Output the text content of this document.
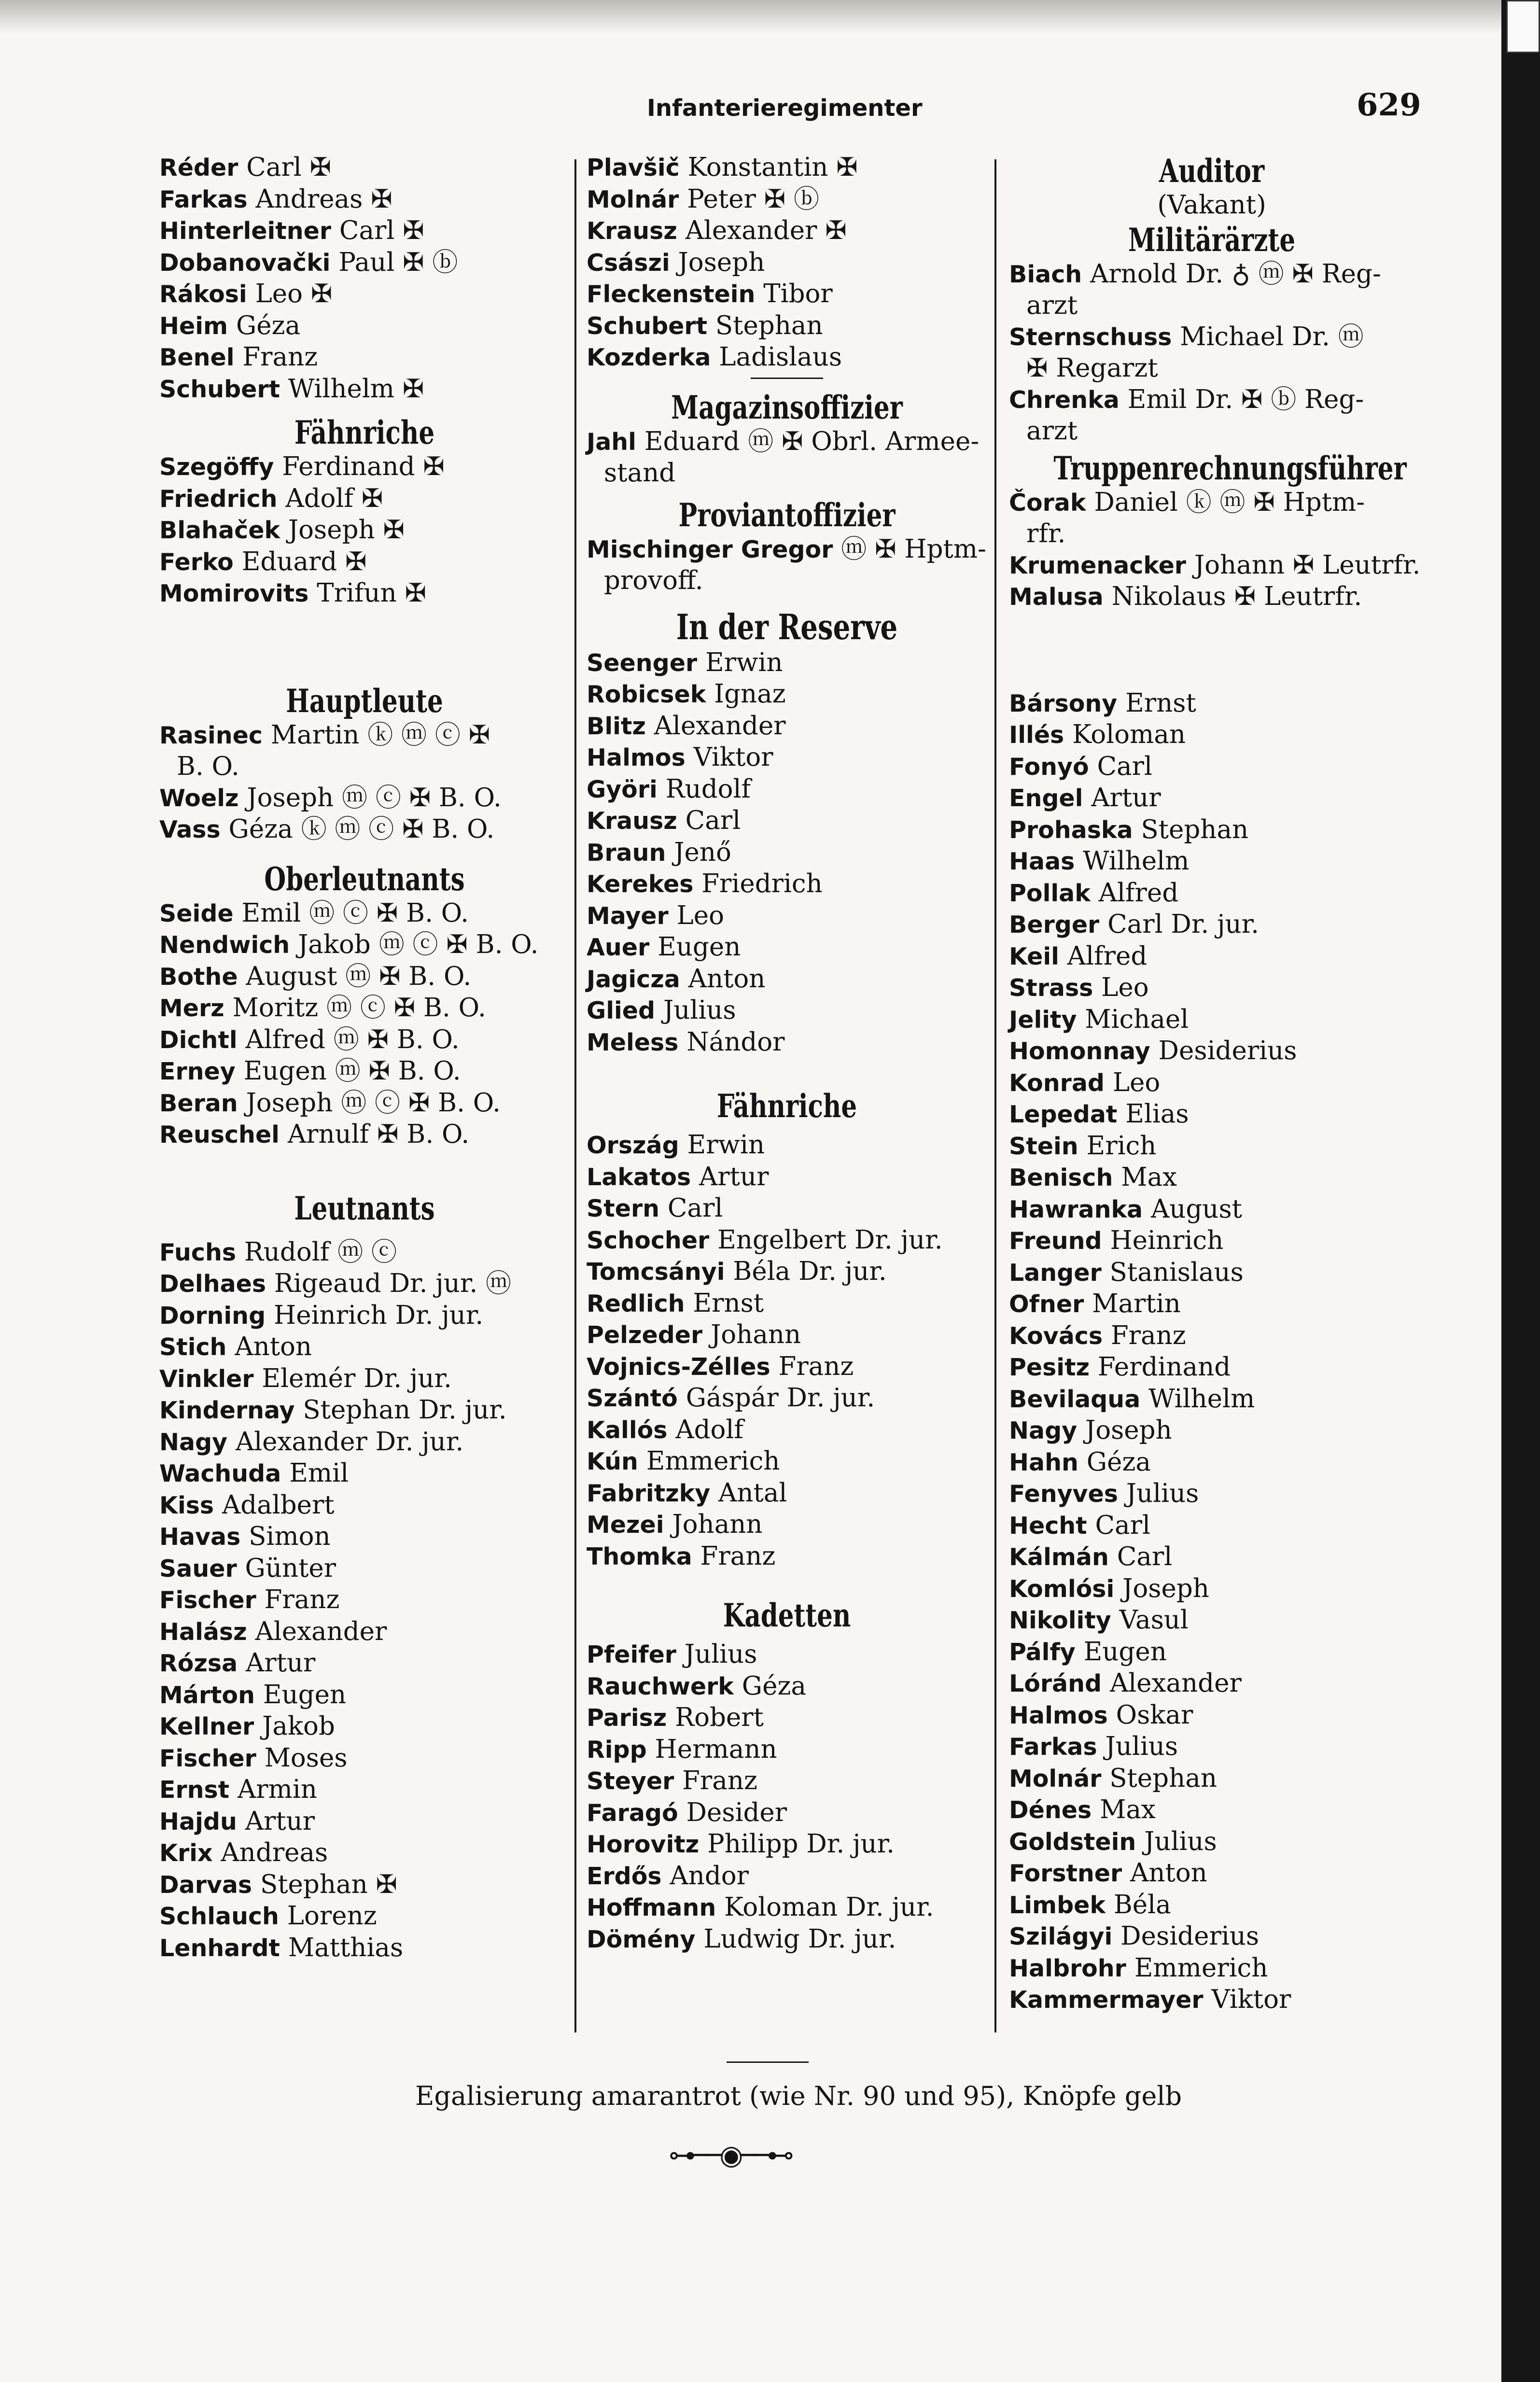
Infanterieregimenter	629
Réder Carl ✠
Farkas Andreas ✠
Hinterleitner Carl ✠
Dobanovački Paul ✠ ⓑ
Rákosi Leo ✠
Heim Géza
Benel Franz
Schubert Wilhelm ✠
Fähnriche
Szegöffy Ferdinand ✠
Friedrich Adolf ✠
Blahaček Joseph ✠
Ferko Eduard ✠
Momirovits Trifun ✠
Hauptleute
Rasinec Martin ⓚ ⓜ ⓒ ✠
B. O.
Woelz Joseph ⓜ ⓒ ✠ B. O.
Vass Géza ⓚ ⓜ ⓒ ✠ B. O.
Oberleutnants
Seide Emil ⓜ ⓒ ✠ B. O.
Nendwich Jakob ⓜ ⓒ ✠ B. O.
Bothe August ⓜ ✠ B. O.
Merz Moritz ⓜ ⓒ ✠ B. O.
Dichtl Alfred ⓜ ✠ B. O.
Erney Eugen ⓜ ✠ B. O.
Beran Joseph ⓜ ⓒ ✠ B. O.
Reuschel Arnulf ✠ B. O.
Leutnants
Fuchs Rudolf ⓜ ⓒ
Delhaes Rigeaud Dr. jur. ⓜ
Dorning Heinrich Dr. jur.
Stich Anton
Vinkler Elemér Dr. jur.
Kindernay Stephan Dr. jur.
Nagy Alexander Dr. jur.
Wachuda Emil
Kiss Adalbert
Havas Simon
Sauer Günter
Fischer Franz
Halász Alexander
Rózsa Artur
Márton Eugen
Kellner Jakob
Fischer Moses
Ernst Armin
Hajdu Artur
Krix Andreas
Darvas Stephan ✠
Schlauch Lorenz
Lenhardt Matthias
Plavšič Konstantin ✠
Molnár Peter ✠ ⓑ
Krausz Alexander ✠
Császi Joseph
Fleckenstein Tibor
Schubert Stephan
Kozderka Ladislaus
Magazinsoffizier
Jahl Eduard ⓜ ✠ Obrl. Armee-
stand
Proviantoffizier
Mischinger Gregor ⓜ ✠ Hptm-
provoff.
In der Reserve
Seenger Erwin
Robicsek Ignaz
Blitz Alexander
Halmos Viktor
Györi Rudolf
Krausz Carl
Braun Jenő
Kerekes Friedrich
Mayer Leo
Auer Eugen
Jagicza Anton
Glied Julius
Meless Nándor
Fähnriche
Ország Erwin
Lakatos Artur
Stern Carl
Schocher Engelbert Dr. jur.
Tomcsányi Béla Dr. jur.
Redlich Ernst
Pelzeder Johann
Vojnics-Zélles Franz
Szántó Gáspár Dr. jur.
Kallós Adolf
Kún Emmerich
Fabritzky Antal
Mezei Johann
Thomka Franz
Kadetten
Pfeifer Julius
Rauchwerk Géza
Parisz Robert
Ripp Hermann
Steyer Franz
Faragó Desider
Horovitz Philipp Dr. jur.
Erdős Andor
Hoffmann Koloman Dr. jur.
Dömény Ludwig Dr. jur.
Auditor
(Vakant)
Militärärzte
Biach Arnold Dr. ♁ ⓜ ✠ Reg-
arzt
Sternschuss Michael Dr. ⓜ
✠ Regarzt
Chrenka Emil Dr. ✠ ⓑ Reg-
arzt
Truppenrechnungsführer
Čorak Daniel ⓚ ⓜ ✠ Hptm-
rfr.
Krumenacker Johann ✠ Leutrfr.
Malusa Nikolaus ✠ Leutrfr.
Bársony Ernst
Illés Koloman
Fonyó Carl
Engel Artur
Prohaska Stephan
Haas Wilhelm
Pollak Alfred
Berger Carl Dr. jur.
Keil Alfred
Strass Leo
Jelity Michael
Homonnay Desiderius
Konrad Leo
Lepedat Elias
Stein Erich
Benisch Max
Hawranka August
Freund Heinrich
Langer Stanislaus
Ofner Martin
Kovács Franz
Pesitz Ferdinand
Bevilaqua Wilhelm
Nagy Joseph
Hahn Géza
Fenyves Julius
Hecht Carl
Kálmán Carl
Komlósi Joseph
Nikolity Vasul
Pálfy Eugen
Lóránd Alexander
Halmos Oskar
Farkas Julius
Molnár Stephan
Dénes Max
Goldstein Julius
Forstner Anton
Limbek Béla
Szilágyi Desiderius
Halbrohr Emmerich
Kammermayer Viktor
Egalisierung amarantrot (wie Nr. 90 und 95), Knöpfe gelb
⊶──◉──⊷
